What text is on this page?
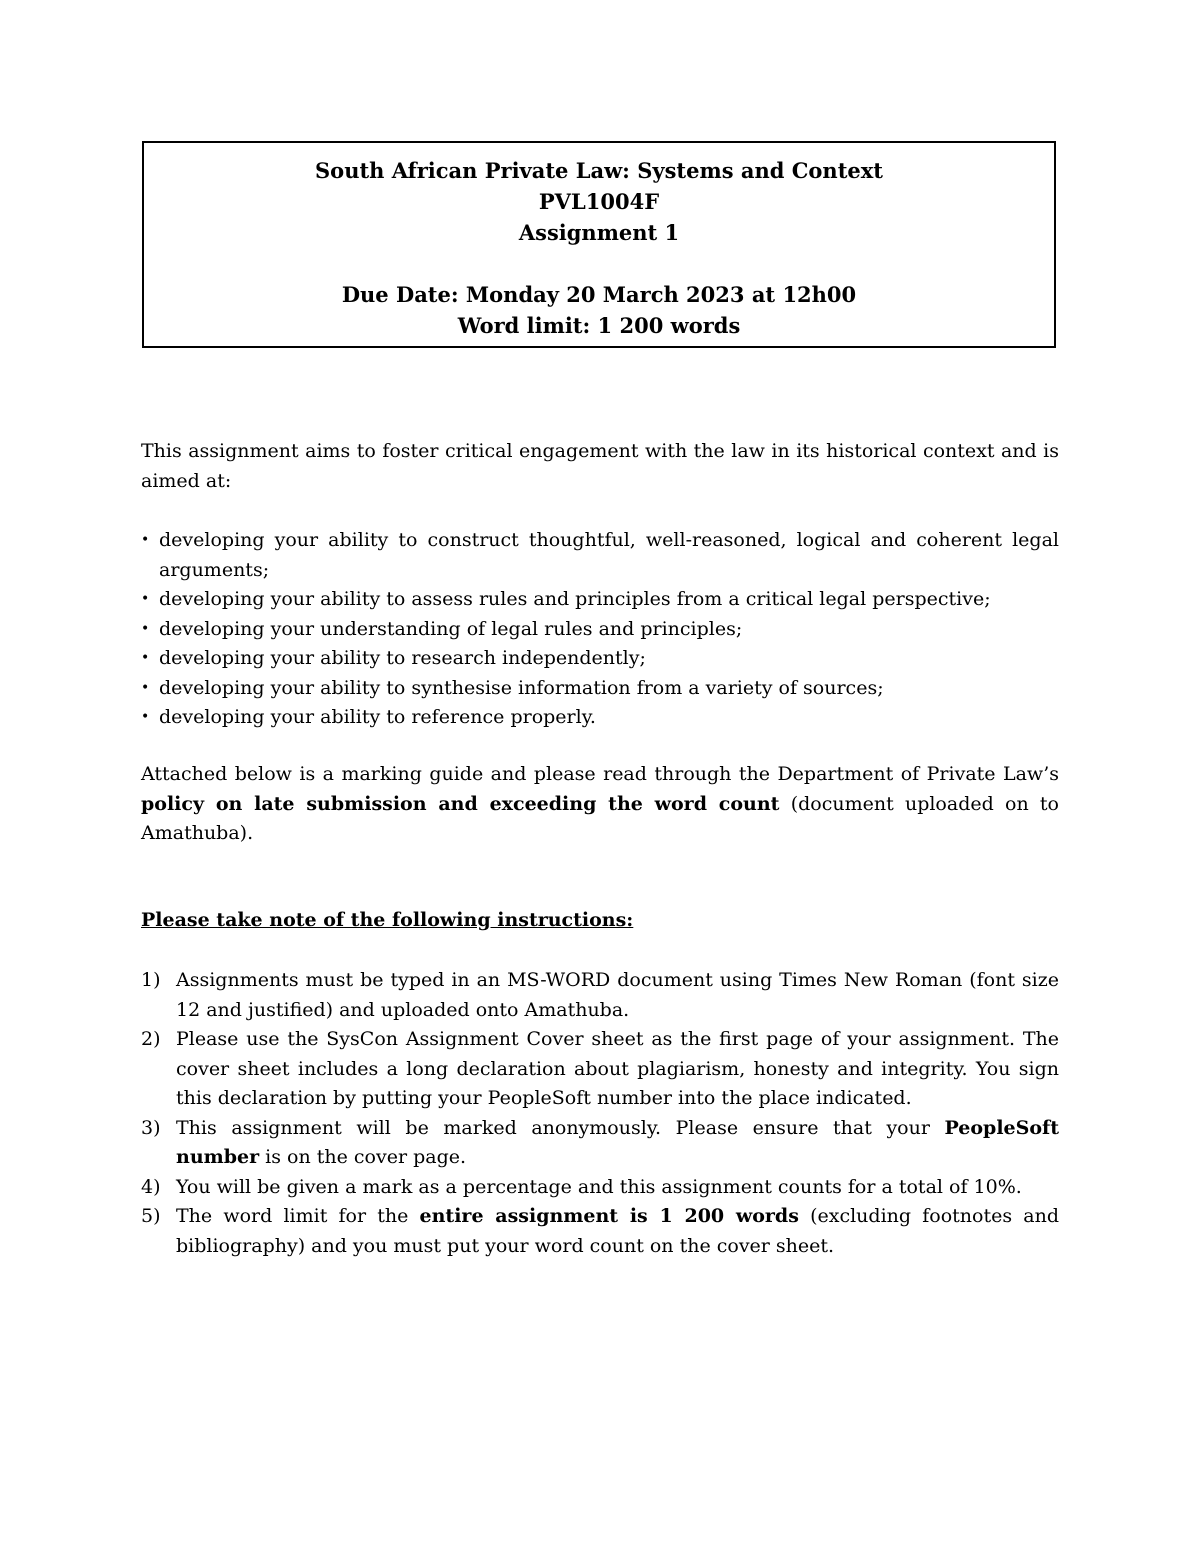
South African Private Law: Systems and Context
PVL1004F
Assignment 1
Due Date: Monday 20 March 2023 at 12h00
Word limit: 1 200 words
This assignment aims to foster critical engagement with the law in its historical context and is aimed at:
• developing your ability to construct thoughtful, well-reasoned, logical and coherent legal arguments;
• developing your ability to assess rules and principles from a critical legal perspective;
• developing your understanding of legal rules and principles;
• developing your ability to research independently;
• developing your ability to synthesise information from a variety of sources;
• developing your ability to reference properly.
Attached below is a marking guide and please read through the Department of Private Law’s policy on late submission and exceeding the word count (document uploaded on to Amathuba).
Please take note of the following instructions:
1) Assignments must be typed in an MS-WORD document using Times New Roman (font size 12 and justified) and uploaded onto Amathuba.
2) Please use the SysCon Assignment Cover sheet as the first page of your assignment. The cover sheet includes a long declaration about plagiarism, honesty and integrity. You sign this declaration by putting your PeopleSoft number into the place indicated.
3) This assignment will be marked anonymously. Please ensure that your PeopleSoft number is on the cover page.
4) You will be given a mark as a percentage and this assignment counts for a total of 10%.
5) The word limit for the entire assignment is 1 200 words (excluding footnotes and bibliography) and you must put your word count on the cover sheet.
